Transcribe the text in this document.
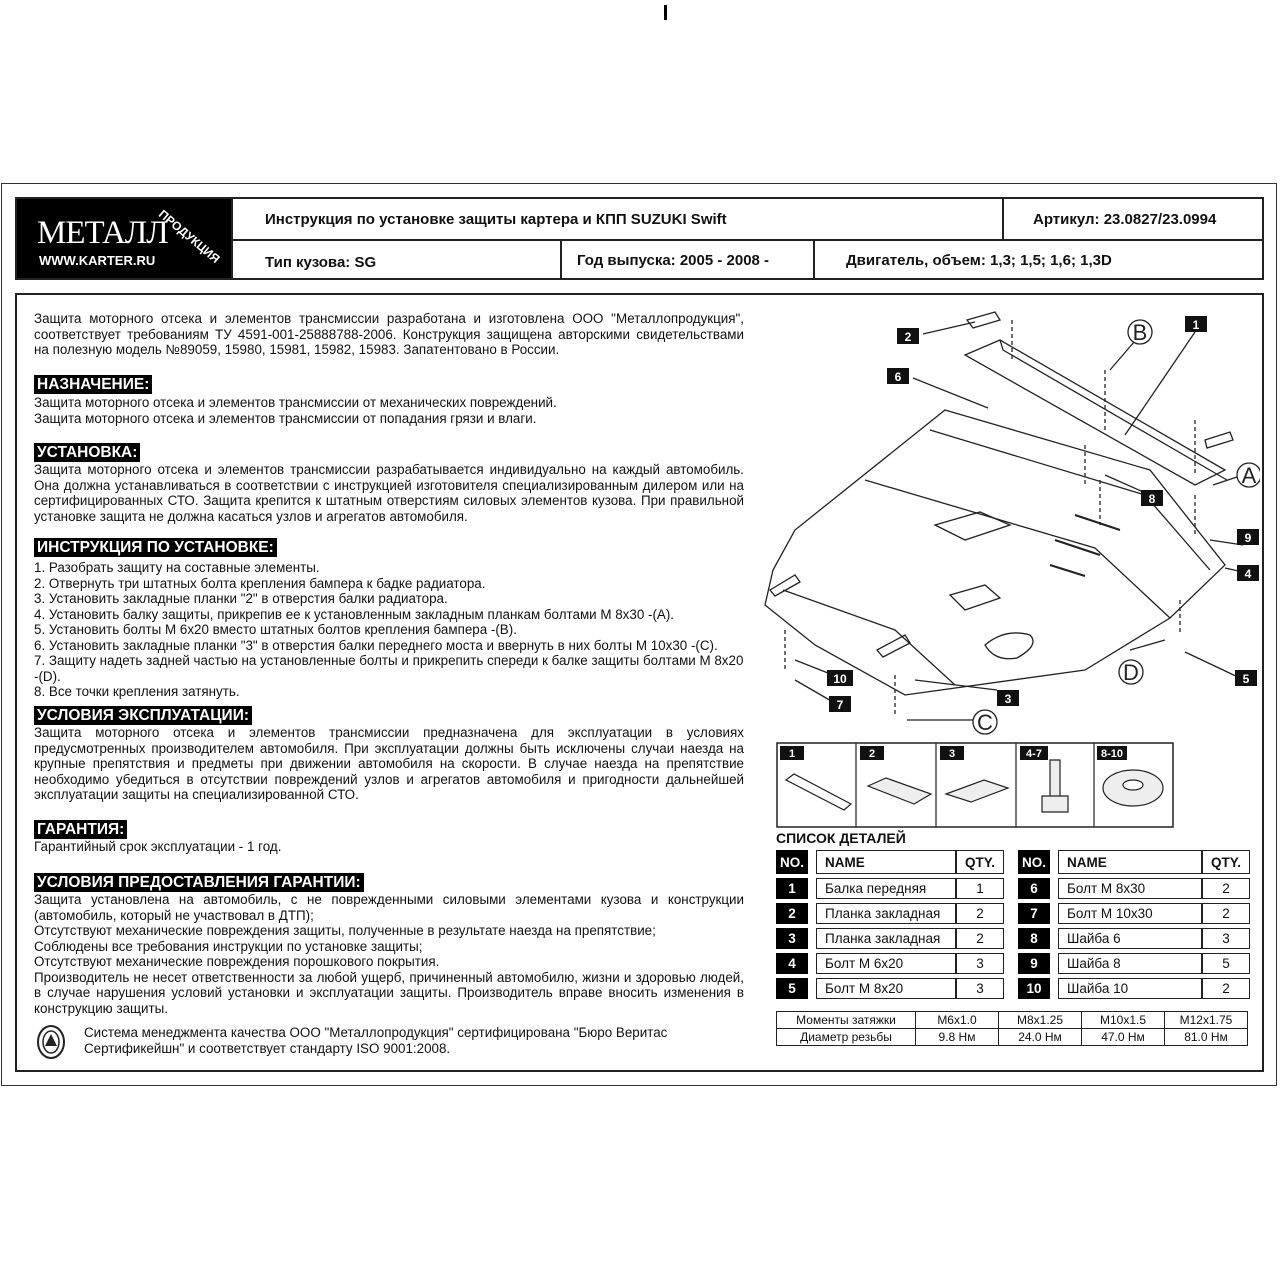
МЕТАЛЛ
ПРОДУКЦИЯ
WWW.KARTER.RU
Инструкция по установке защиты картера и КПП SUZUKI Swift	Артикул: 23.0827/23.0994
Тип кузова: SG	Год выпуска: 2005 - 2008 -	Двигатель, объем: 1,3; 1,5; 1,6; 1,3D
Защита моторного отсека и элементов трансмиссии разработана и изготовлена ООО "Металлопродукция", соответствует требованиям ТУ 4591-001-25888788-2006. Конструкция защищена авторскими свидетельствами на полезную модель №89059, 15980, 15981, 15982, 15983. Запатентовано в России.
НАЗНАЧЕНИЕ:

Защита моторного отсека и элементов трансмиссии от механических повреждений.

Защита моторного отсека и элементов трансмиссии от попадания грязи и влаги.

УСТАНОВКА:
Защита моторного отсека и элементов трансмиссии разрабатывается индивидуально на каждый автомобиль. Она должна устанавливаться в соответствии с инструкцией изготовителя специализированным дилером или на сертифицированных СТО. Защита крепится к штатным отверстиям силовых элементов кузова. При правильной установке защита не должна касаться узлов и агрегатов автомобиля.
ИНСТРУКЦИЯ ПО УСТАНОВКЕ:

1. Разобрать защиту на составные элементы.

2. Отвернуть три штатных болта крепления бампера к бадке радиатора.

3. Установить закладные планки "2" в отверстия балки радиатора.

4. Установить балку защиты, прикрепив ее к установленным закладным планкам болтами М 8х30 -(А).

5. Установить болты М 6х20 вместо штатных болтов крепления бампера -(В).

6. Установить закладные планки "3" в отверстия балки переднего моста и ввернуть в них болты М 10х30 -(С).

7. Защиту надеть задней частью на установленные болты и прикрепить спереди к балке защиты болтами М 8х20 -(D).

8. Все точки крепления затянуть.

УСЛОВИЯ ЭКСПЛУАТАЦИИ:
Защита моторного отсека и элементов трансмиссии предназначена для эксплуатации в условиях предусмотренных производителем автомобиля. При эксплуатации должны быть исключены случаи наезда на крупные препятствия и предметы при движении автомобиля на скорости. В случае наезда на препятствие необходимо убедиться в отсутствии повреждений узлов и агрегатов автомобиля и пригодности дальнейшей эксплуатации защиты на специализированной СТО.
ГАРАНТИЯ:
Гарантийный срок эксплуатации - 1 год.
УСЛОВИЯ ПРЕДОСТАВЛЕНИЯ ГАРАНТИИ:

Защита установлена на автомобиль, с не поврежденными силовыми элементами кузова и конструкции (автомобиль, который не участвовал в ДТП);

Отсутствуют механические повреждения защиты, полученные в результате наезда на препятствие;

Соблюдены все требования инструкции по установке защиты;

Отсутствуют механические повреждения порошкового покрытия.

Производитель не несет ответственности за любой ущерб, причиненный автомобилю, жизни и здоровью людей, в случае нарушения условий установки и эксплуатации защиты. Производитель вправе вносить изменения в конструкцию защиты.

Система менеджмента качества ООО "Металлопродукция" сертифицирована "Бюро Веритас
Сертификейшн" и соответствует стандарту ISO 9001:2008.
B
A
C
D
1
2
3
4
5
6
7
8
9
10
1	2	3	4-7	8-10
СПИСОК ДЕТАЛЕЙ
NO.		NAME	QTY.
1		Балка передняя	1
2		Планка закладная	2
3		Планка закладная	2
4		Болт М 6х20	3
5		Болт М 8х20	3
NO.		NAME	QTY.
6		Болт М 8х30	2
7		Болт М 10х30	2
8		Шайба 6	3
9		Шайба 8	5
10		Шайба 10	2
Моменты затяжки	М6х1.0	М8х1.25	М10х1.5	М12х1.75
Диаметр резьбы	9.8 Нм	24.0 Нм	47.0 Нм	81.0 Нм
